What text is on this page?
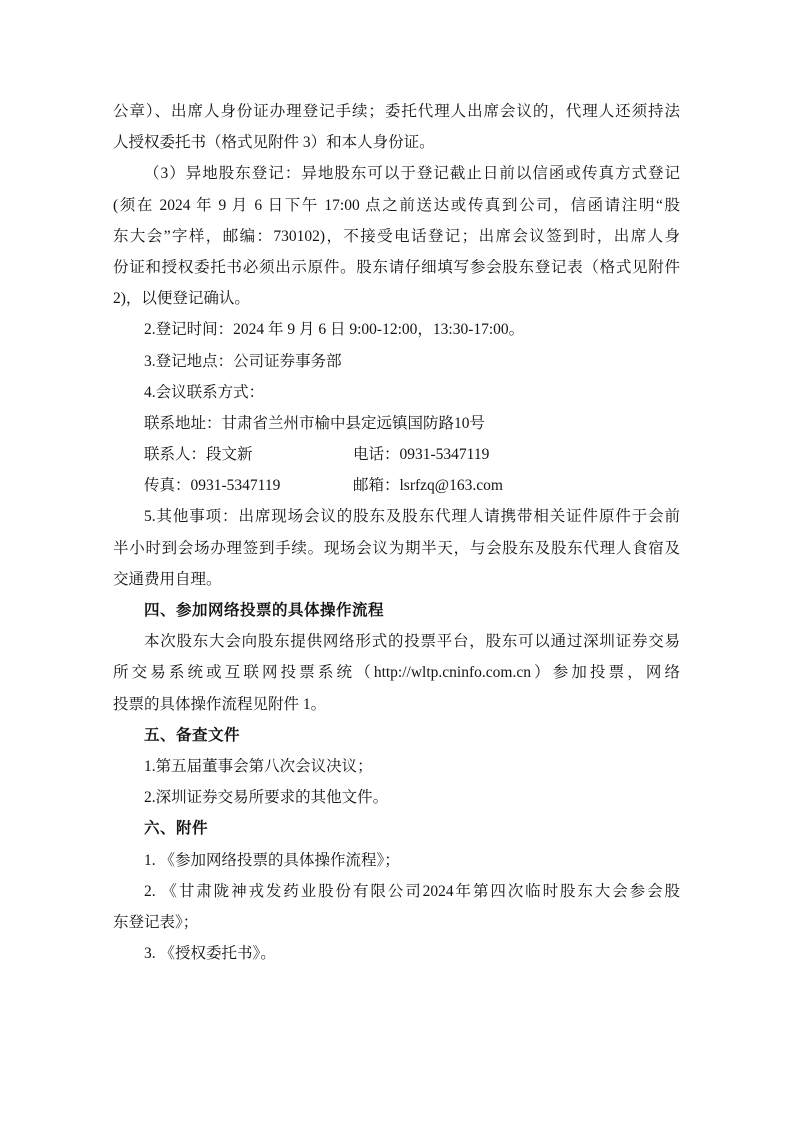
公章）、出席人身份证办理登记手续；委托代理人出席会议的，代理人还须持法
人授权委托书（格式见附件 3）和本人身份证。
（3）异地股东登记：异地股东可以于登记截止日前以信函或传真方式登记
(须在 2024 年 9 月 6 日下午 17:00 点之前送达或传真到公司，信函请注明“股
东大会”字样，邮编：730102)，不接受电话登记；出席会议签到时，出席人身
份证和授权委托书必须出示原件。股东请仔细填写参会股东登记表（格式见附件
2)，以便登记确认。
2.登记时间：2024 年 9 月 6 日 9:00-12:00，13:30-17:00。
3.登记地点：公司证券事务部
4.会议联系方式：
联系地址：甘肃省兰州市榆中县定远镇国防路10号
联系人：段文新	电话：0931-5347119
传真：0931-5347119	邮箱：lsrfzq@163.com
5.其他事项：出席现场会议的股东及股东代理人请携带相关证件原件于会前
半小时到会场办理签到手续。现场会议为期半天，与会股东及股东代理人食宿及
交通费用自理。
四、参加网络投票的具体操作流程
本次股东大会向股东提供网络形式的投票平台，股东可以通过深圳证券交易
所交易系统或互联网投票系统（http://wltp.cninfo.com.cn）参加投票，网络
投票的具体操作流程见附件 1。
五、备查文件
1.第五届董事会第八次会议决议；
2.深圳证券交易所要求的其他文件。
六、附件
1. 《参加网络投票的具体操作流程》；
2. 《甘肃陇神戎发药业股份有限公司2024年第四次临时股东大会参会股
东登记表》；
3. 《授权委托书》。
